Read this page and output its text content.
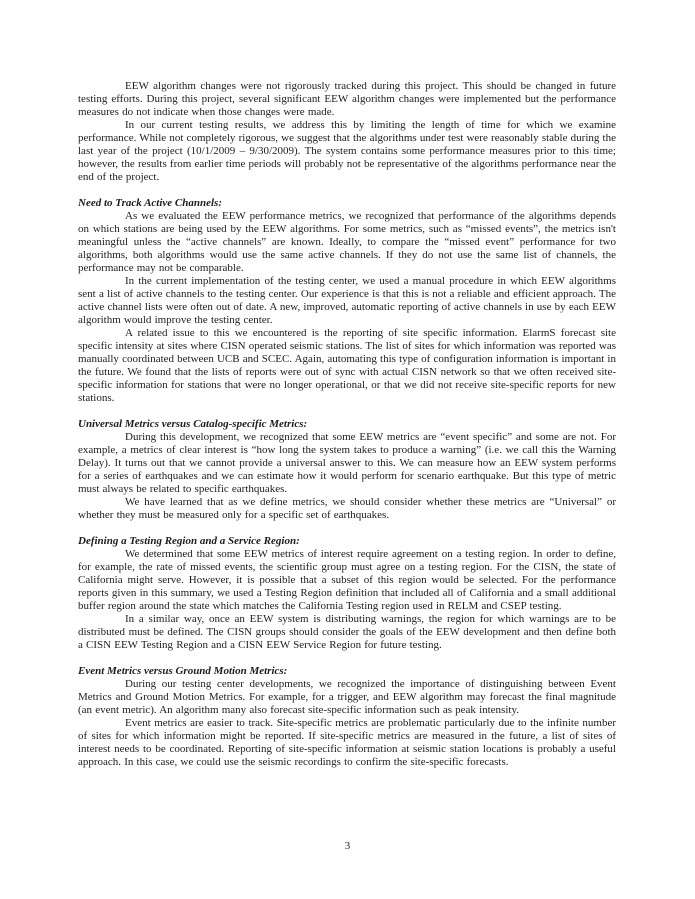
EEW algorithm changes were not rigorously tracked during this project. This should be changed in future testing efforts. During this project, several significant EEW algorithm changes were implemented but the performance measures do not indicate when those changes were made.

In our current testing results, we address this by limiting the length of time for which we examine performance. While not completely rigorous, we suggest that the algorithms under test were reasonably stable during the last year of the project (10/1/2009 – 9/30/2009). The system contains some performance measures prior to this time; however, the results from earlier time periods will probably not be representative of the algorithms performance near the end of the project.

Need to Track Active Channels:

As we evaluated the EEW performance metrics, we recognized that performance of the algorithms depends on which stations are being used by the EEW algorithms. For some metrics, such as “missed events”, the metrics isn't meaningful unless the “active channels” are known. Ideally, to compare the “missed event” performance for two algorithms, both algorithms would use the same active channels. If they do not use the same list of channels, the performance may not be comparable.

In the current implementation of the testing center, we used a manual procedure in which EEW algorithms sent a list of active channels to the testing center. Our experience is that this is not a reliable and efficient approach. The active channel lists were often out of date. A new, improved, automatic reporting of active channels in use by each EEW algorithm would improve the testing center.

A related issue to this we encountered is the reporting of site specific information. ElarmS forecast site specific intensity at sites where CISN operated seismic stations. The list of sites for which information was reported was manually coordinated between UCB and SCEC. Again, automating this type of configuration information is important in the future. We found that the lists of reports were out of sync with actual CISN network so that we often received site-specific information for stations that were no longer operational, or that we did not receive site-specific reports for new stations.

Universal Metrics versus Catalog-specific Metrics:

During this development, we recognized that some EEW metrics are “event specific” and some are not. For example, a metrics of clear interest is “how long the system takes to produce a warning” (i.e. we call this the Warning Delay). It turns out that we cannot provide a universal answer to this. We can measure how an EEW system performs for a series of earthquakes and we can estimate how it would perform for scenario earthquake. But this type of metric must always be related to specific earthquakes.

We have learned that as we define metrics, we should consider whether these metrics are “Universal” or whether they must be measured only for a specific set of earthquakes.

Defining a Testing Region and a Service Region:

We determined that some EEW metrics of interest require agreement on a testing region. In order to define, for example, the rate of missed events, the scientific group must agree on a testing region. For the CISN, the state of California might serve. However, it is possible that a subset of this region would be selected. For the performance reports given in this summary, we used a Testing Region definition that included all of California and a small additional buffer region around the state which matches the California Testing region used in RELM and CSEP testing.

In a similar way, once an EEW system is distributing warnings, the region for which warnings are to be distributed must be defined. The CISN groups should consider the goals of the EEW development and then define both a CISN EEW Testing Region and a CISN EEW Service Region for future testing.

Event Metrics versus Ground Motion Metrics:

During our testing center developments, we recognized the importance of distinguishing between Event Metrics and Ground Motion Metrics. For example, for a trigger, and EEW algorithm may forecast the final magnitude (an event metric). An algorithm many also forecast site-specific information such as peak intensity.

Event metrics are easier to track. Site-specific metrics are problematic particularly due to the infinite number of sites for which information might be reported. If site-specific metrics are measured in the future, a list of sites of interest needs to be coordinated. Reporting of site-specific information at seismic station locations is probably a useful approach. In this case, we could use the seismic recordings to confirm the site-specific forecasts.

3
